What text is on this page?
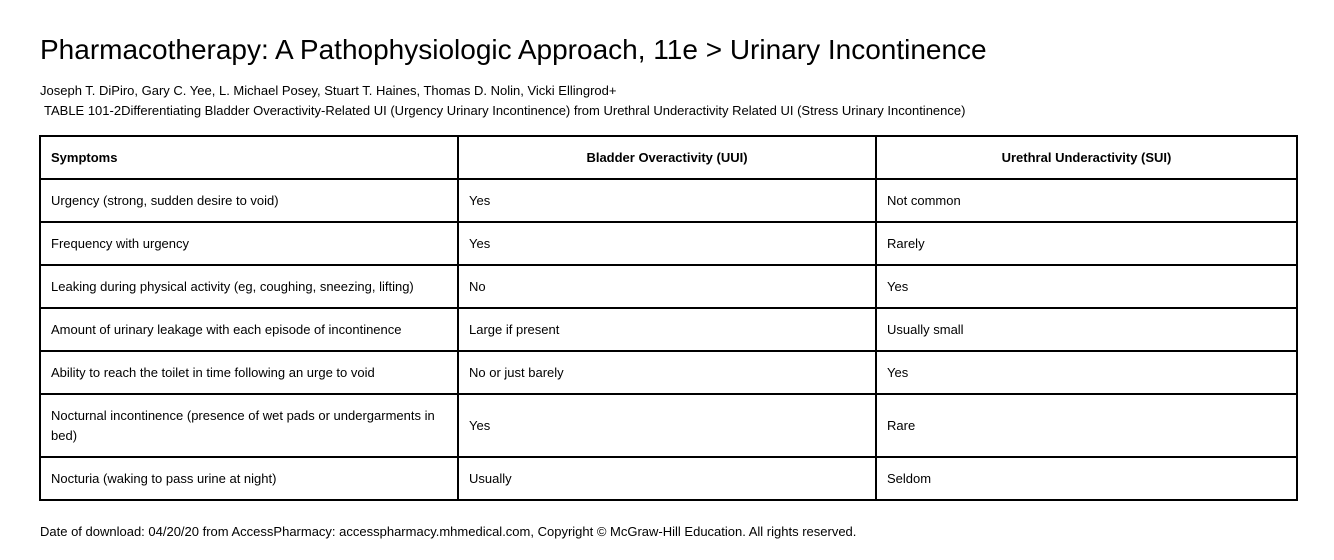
Pharmacotherapy: A Pathophysiologic Approach, 11e > Urinary Incontinence
Joseph T. DiPiro, Gary C. Yee, L. Michael Posey, Stuart T. Haines, Thomas D. Nolin, Vicki Ellingrod+
TABLE 101-2Differentiating Bladder Overactivity-Related UI (Urgency Urinary Incontinence) from Urethral Underactivity Related UI (Stress Urinary Incontinence)
Symptoms	Bladder Overactivity (UUI)	Urethral Underactivity (SUI)
Urgency (strong, sudden desire to void)	Yes	Not common
Frequency with urgency	Yes	Rarely
Leaking during physical activity (eg, coughing, sneezing, lifting)	No	Yes
Amount of urinary leakage with each episode of incontinence	Large if present	Usually small
Ability to reach the toilet in time following an urge to void	No or just barely	Yes
Nocturnal incontinence (presence of wet pads or undergarments in bed)	Yes	Rare
Nocturia (waking to pass urine at night)	Usually	Seldom
Date of download: 04/20/20 from AccessPharmacy: accesspharmacy.mhmedical.com, Copyright © McGraw-Hill Education. All rights reserved.
